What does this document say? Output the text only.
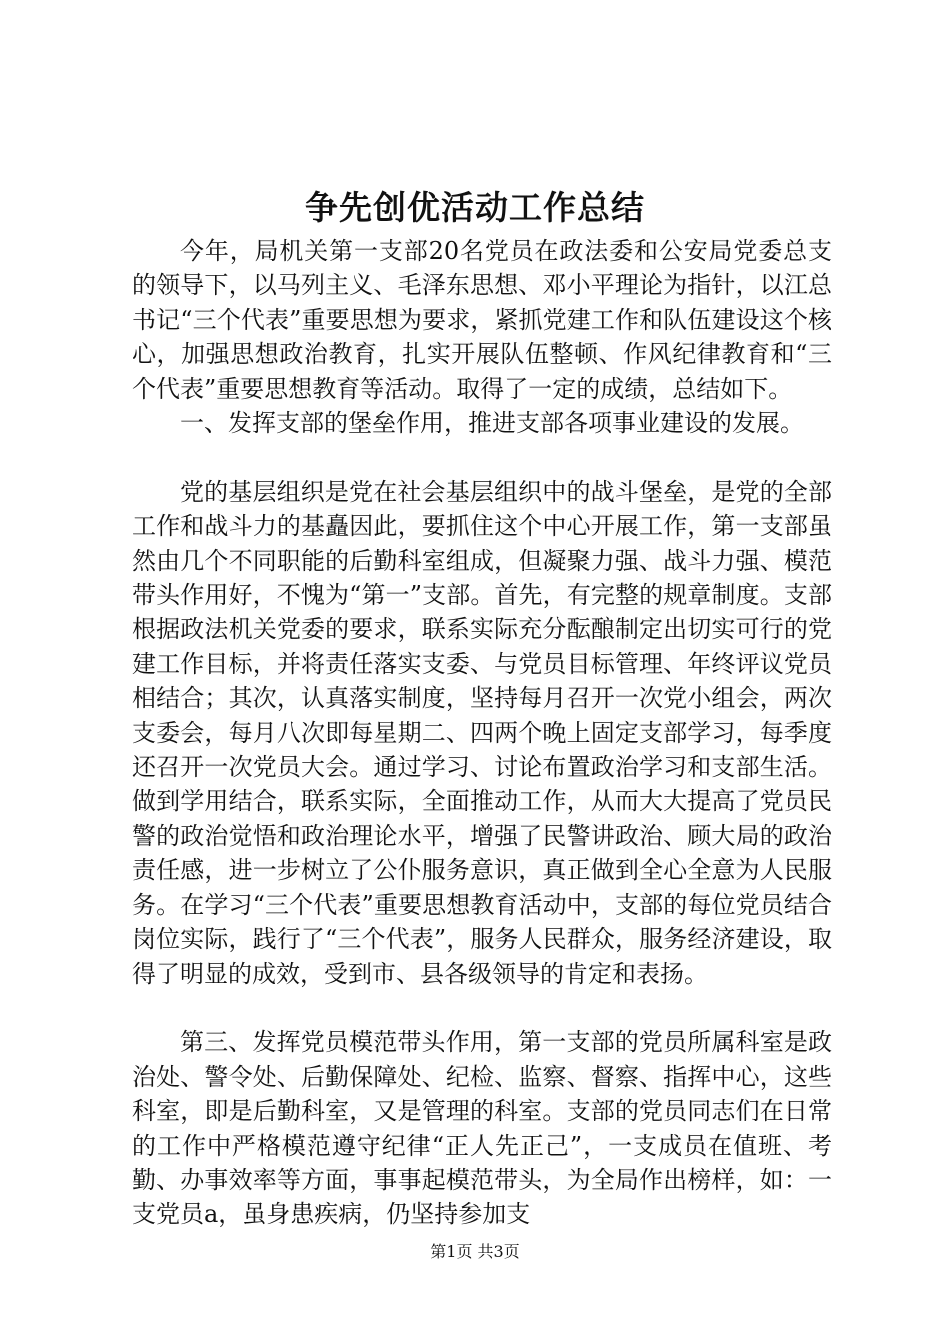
争先创优活动工作总结

今年，局机关第一支部20名党员在政法委和公安局党委总支的领导下，以马列主义、毛泽东思想、邓小平理论为指针，以江总书记“三个代表”重要思想为要求，紧抓党建工作和队伍建设这个核心，加强思想政治教育，扎实开展队伍整顿、作风纪律教育和“三个代表”重要思想教育等活动。取得了一定的成绩，总结如下。

一、发挥支部的堡垒作用，推进支部各项事业建设的发展。

党的基层组织是党在社会基层组织中的战斗堡垒，是党的全部工作和战斗力的基矗因此，要抓住这个中心开展工作，第一支部虽然由几个不同职能的后勤科室组成，但凝聚力强、战斗力强、模范带头作用好，不愧为“第一”支部。首先，有完整的规章制度。支部根据政法机关党委的要求，联系实际充分酝酿制定出切实可行的党建工作目标，并将责任落实支委、与党员目标管理、年终评议党员相结合；其次，认真落实制度，坚持每月召开一次党小组会，两次支委会，每月八次即每星期二、四两个晚上固定支部学习，每季度还召开一次党员大会。通过学习、讨论布置政治学习和支部生活。做到学用结合，联系实际，全面推动工作，从而大大提高了党员民警的政治觉悟和政治理论水平，增强了民警讲政治、顾大局的政治责任感，进一步树立了公仆服务意识，真正做到全心全意为人民服务。在学习“三个代表”重要思想教育活动中，支部的每位党员结合岗位实际，践行了“三个代表”，服务人民群众，服务经济建设，取得了明显的成效，受到市、县各级领导的肯定和表扬。

第三、发挥党员模范带头作用，第一支部的党员所属科室是政治处、警令处、后勤保障处、纪检、监察、督察、指挥中心，这些科室，即是后勤科室，又是管理的科室。支部的党员同志们在日常的工作中严格模范遵守纪律“正人先正己”，一支成员在值班、考勤、办事效率等方面，事事起模范带头，为全局作出榜样，如：一支党员a，虽身患疾病，仍坚持参加支

第1页 共3页
